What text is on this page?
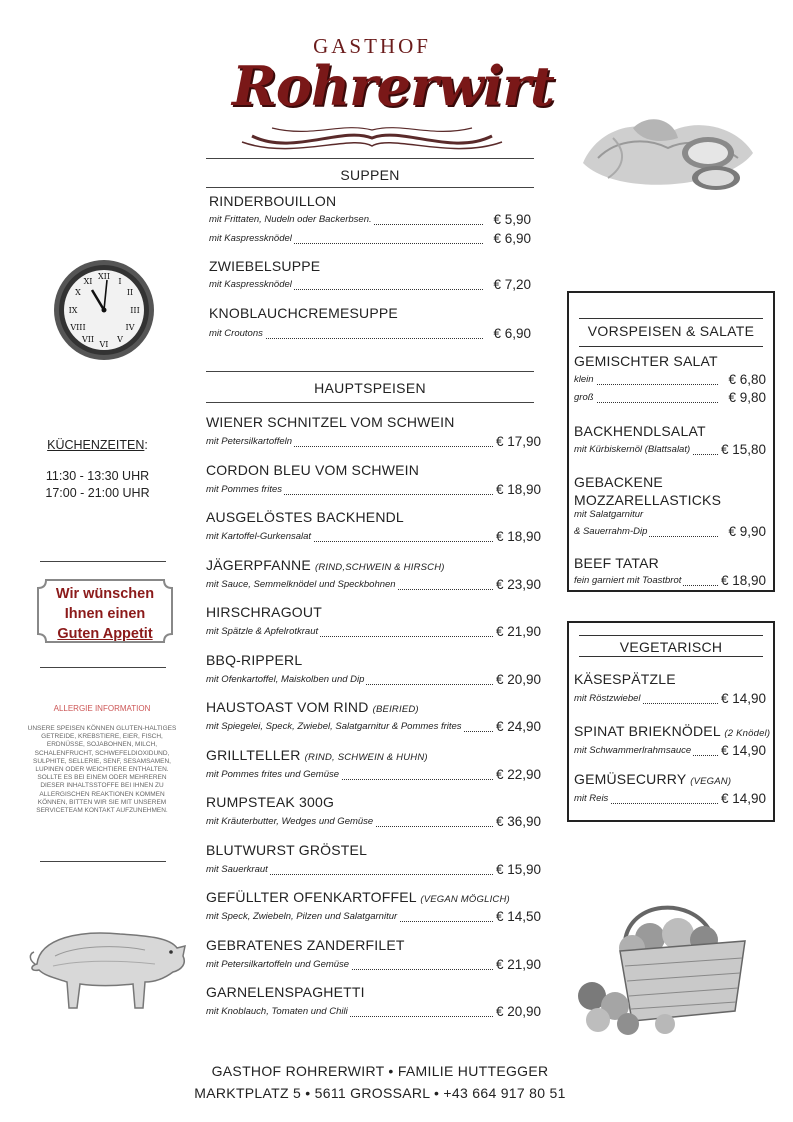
GASTHOF
Rohrerwirt
SUPPEN
RINDERBOUILLON
mit Frittaten, Nudeln oder Backerbsen.	€ 5,90
mit Kaspressknödel	€ 6,90
ZWIEBELSUPPE
mit Kaspressknödel	€ 7,20
KNOBLAUCHCREMESUPPE
mit Croutons	€ 6,90
HAUPTSPEISEN
WIENER SCHNITZEL VOM SCHWEIN
mit Petersilkartoffeln	€ 17,90
CORDON BLEU VOM SCHWEIN
mit Pommes frites	€ 18,90
AUSGELÖSTES BACKHENDL
mit Kartoffel-Gurkensalat	€ 18,90
JÄGERPFANNE (RIND,SCHWEIN & HIRSCH)
mit Sauce, Semmelknödel und Speckbohnen	€ 23,90
HIRSCHRAGOUT
mit Spätzle & Apfelrotkraut	€ 21,90
BBQ-RIPPERL
mit Ofenkartoffel, Maiskolben und Dip	€ 20,90
HAUSTOAST VOM RIND (BEIRIED)
mit Spiegelei, Speck, Zwiebel, Salatgarnitur & Pommes frites	€ 24,90
GRILLTELLER (RIND, SCHWEIN & HUHN)
mit Pommes frites und Gemüse	€ 22,90
RUMPSTEAK 300G
mit Kräuterbutter, Wedges und Gemüse	€ 36,90
BLUTWURST GRÖSTEL
mit Sauerkraut	€ 15,90
GEFÜLLTER OFENKARTOFFEL (VEGAN MÖGLICH)
mit Speck, Zwiebeln, Pilzen und Salatgarnitur	€ 14,50
GEBRATENES ZANDERFILET
mit Petersilkartoffeln und Gemüse	€ 21,90
GARNELENSPAGHETTI
mit Knoblauch, Tomaten und Chili	€ 20,90
VORSPEISEN & SALATE
GEMISCHTER SALAT
klein	€ 6,80
groß	€ 9,80
BACKHENDLSALAT
mit Kürbiskernöl (Blattsalat) € 15,80
GEBACKENE
MOZZARELLASTICKS
mit Salatgarnitur
& Sauerrahm-Dip	€ 9,90
BEEF TATAR
fein garniert mit Toastbrot	€ 18,90
VEGETARISCH
KÄSESPÄTZLE
mit Röstzwiebel	€ 14,90
SPINAT BRIEKNÖDEL (2 Knödel)
mit Schwammerlrahmsauce € 14,90
GEMÜSECURRY (VEGAN)
mit Reis	€ 14,90
XII
I
II
III
IV
V
VI
VII
VIII
IX
X
XI
KÜCHENZEITEN:
11:30 - 13:30 UHR
17:00 - 21:00 UHR
Wir wünschen
Ihnen einen
Guten Appetit
ALLERGIE INFORMATION
UNSERE SPEISEN KÖNNEN GLUTEN-HALTIGES GETREIDE, KREBSTIERE, EIER, FISCH, ERDNÜSSE, SOJABOHNEN, MILCH, SCHALENFRUCHT, SCHWEFELDIOXIDUND, SULPHITE, SELLERIE, SENF, SESAMSAMEN, LUPINEN ODER WEICHTIERE ENTHALTEN. SOLLTE ES BEI EINEM ODER MEHREREN DIESER INHALTSSTOFFE BEI IHNEN ZU ALLERGISCHEN REAKTIONEN KOMMEN KÖNNEN, BITTEN WIR SIE MIT UNSEREM SERVICETEAM KONTAKT AUFZUNEHMEN.
GASTHOF ROHRERWIRT • FAMILIE HUTTEGGER
MARKTPLATZ 5 • 5611 GROSSARL • +43 664 917 80 51
